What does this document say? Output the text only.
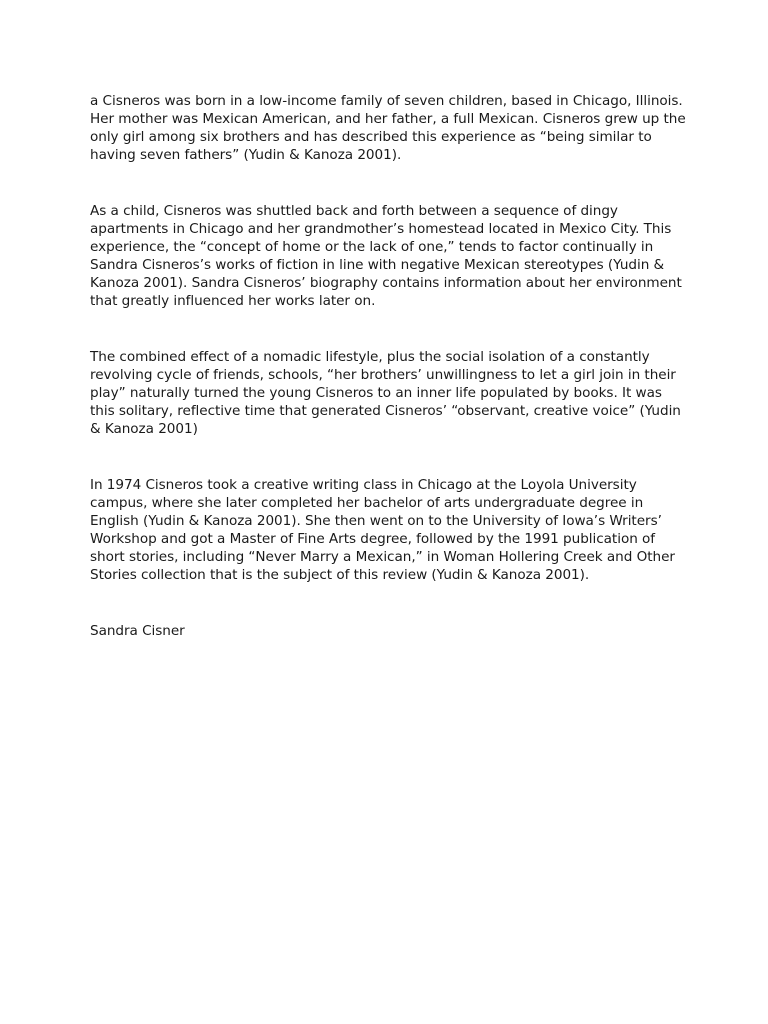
a Cisneros was born in a low-income family of seven children, based in Chicago, Illinois. Her mother was Mexican American, and her father, a full Mexican. Cisneros grew up the only girl among six brothers and has described this experience as “being similar to having seven fathers” (Yudin & Kanoza 2001).

As a child, Cisneros was shuttled back and forth between a sequence of dingy apartments in Chicago and her grandmother’s homestead located in Mexico City. This experience, the “concept of home or the lack of one,” tends to factor continually in Sandra Cisneros’s works of fiction in line with negative Mexican stereotypes (Yudin & Kanoza 2001). Sandra Cisneros’ biography contains information about her environment that greatly influenced her works later on.

The combined effect of a nomadic lifestyle, plus the social isolation of a constantly revolving cycle of friends, schools, “her brothers’ unwillingness to let a girl join in their play” naturally turned the young Cisneros to an inner life populated by books. It was this solitary, reflective time that generated Cisneros’ “observant, creative voice” (Yudin & Kanoza 2001)

In 1974 Cisneros took a creative writing class in Chicago at the Loyola University campus, where she later completed her bachelor of arts undergraduate degree in English (Yudin & Kanoza 2001). She then went on to the University of Iowa’s Writers’ Workshop and got a Master of Fine Arts degree, followed by the 1991 publication of short stories, including “Never Marry a Mexican,” in Woman Hollering Creek and Other Stories collection that is the subject of this review (Yudin & Kanoza 2001).

Sandra Cisner
